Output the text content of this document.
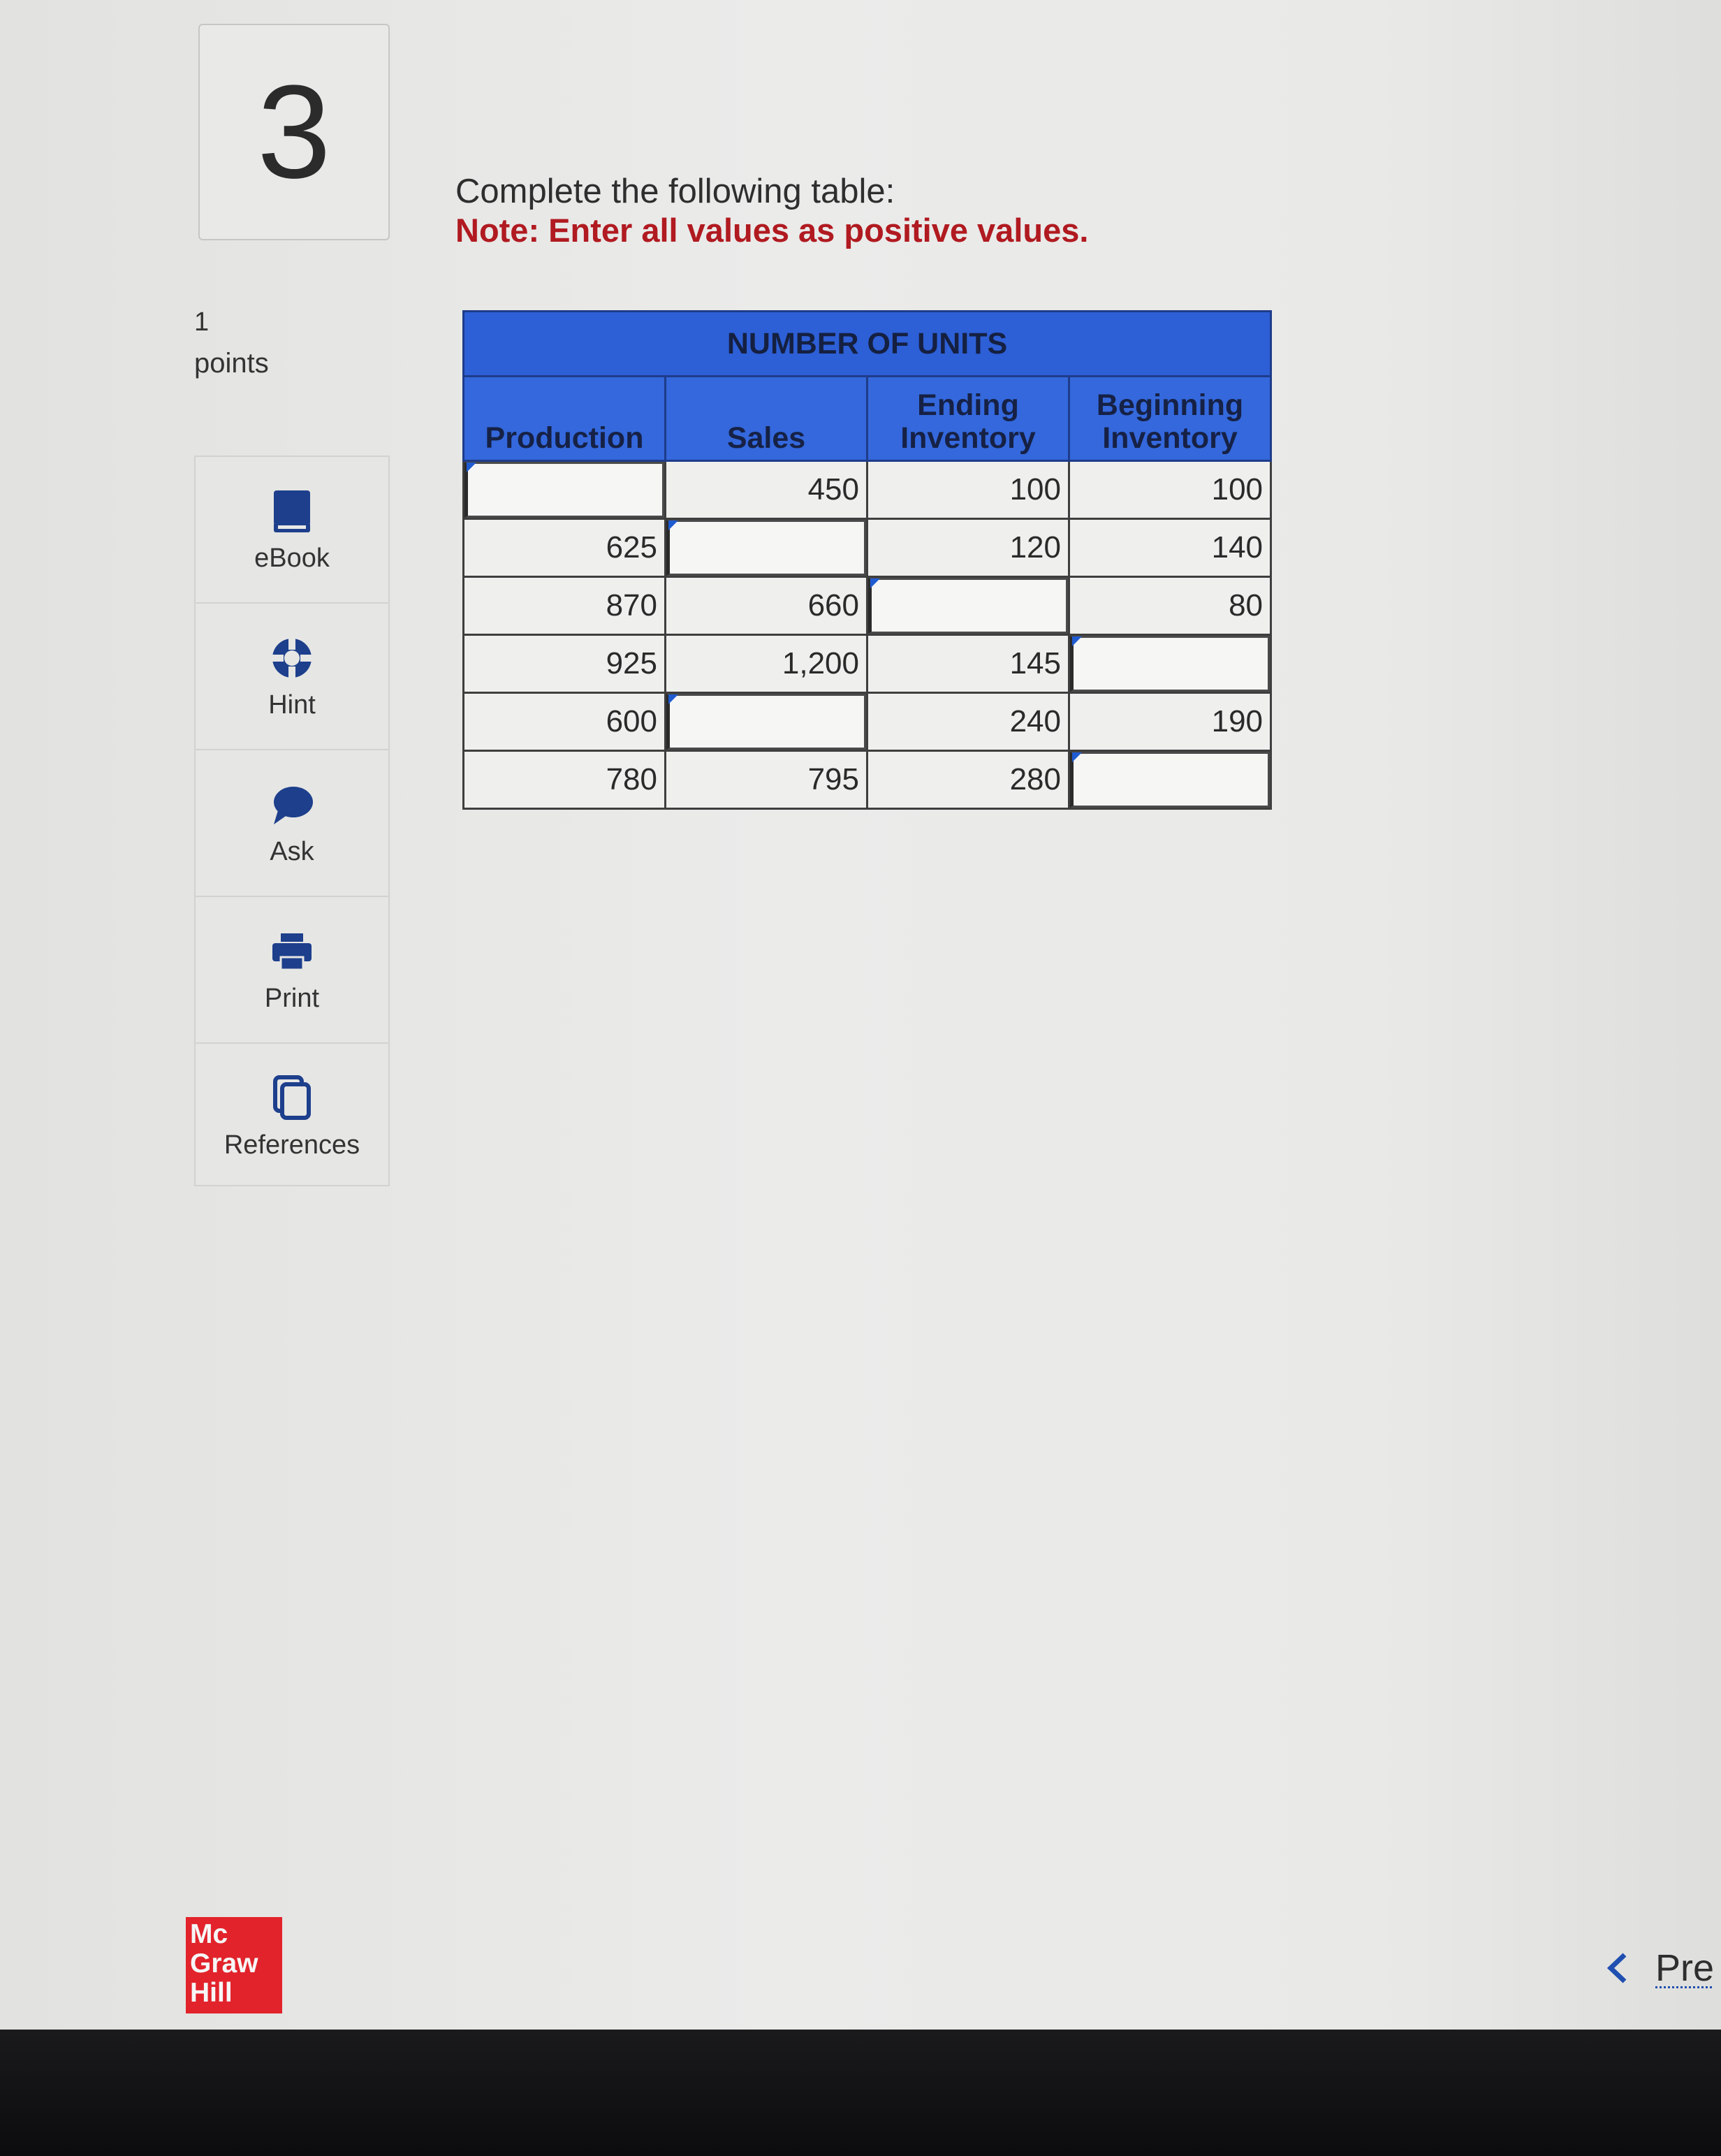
3
1
points
eBook
Hint
Ask
Print
References
Complete the following table:
Note: Enter all values as positive values.
NUMBER OF UNITS			
Production	Sales	Ending Inventory	Beginning Inventory

	450	100	100
625		120	140
870	660		80
925	1,200	145	

600		240	190
780	795	280	
Mc
Graw
Hill
Pre
